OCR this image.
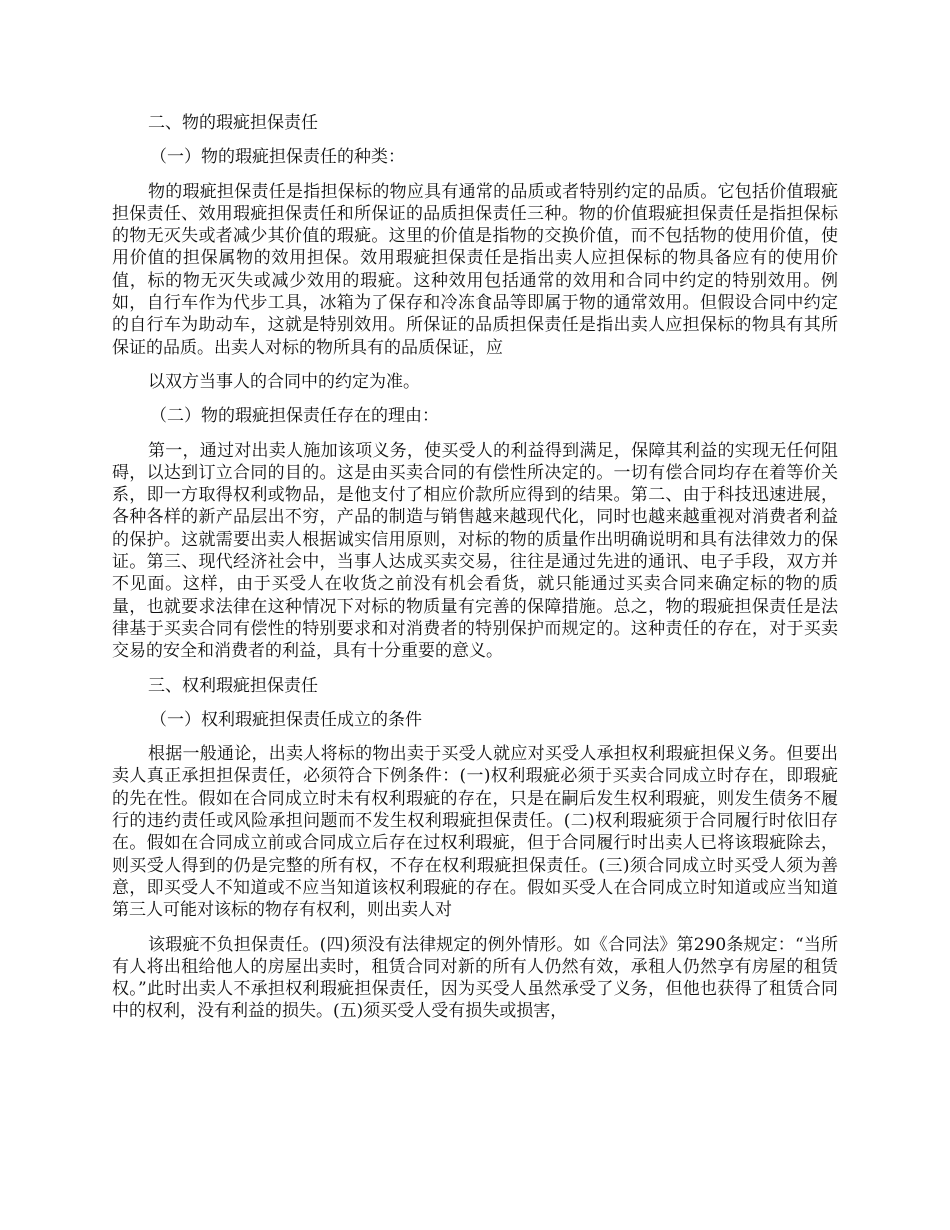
二、物的瑕疵担保责任

（一）物的瑕疵担保责任的种类：

物的瑕疵担保责任是指担保标的物应具有通常的品质或者特别约定的品质。它包括价值瑕疵担保责任、效用瑕疵担保责任和所保证的品质担保责任三种。物的价值瑕疵担保责任是指担保标的物无灭失或者减少其价值的瑕疵。这里的价值是指物的交换价值，而不包括物的使用价值，使用价值的担保属物的效用担保。效用瑕疵担保责任是指出卖人应担保标的物具备应有的使用价值，标的物无灭失或减少效用的瑕疵。这种效用包括通常的效用和合同中约定的特别效用。例如，自行车作为代步工具，冰箱为了保存和冷冻食品等即属于物的通常效用。但假设合同中约定的自行车为助动车，这就是特别效用。所保证的品质担保责任是指出卖人应担保标的物具有其所保证的品质。出卖人对标的物所具有的品质保证，应

以双方当事人的合同中的约定为准。

（二）物的瑕疵担保责任存在的理由：

第一，通过对出卖人施加该项义务，使买受人的利益得到满足，保障其利益的实现无任何阻碍，以达到订立合同的目的。这是由买卖合同的有偿性所决定的。一切有偿合同均存在着等价关系，即一方取得权利或物品，是他支付了相应价款所应得到的结果。第二、由于科技迅速进展，各种各样的新产品层出不穷，产品的制造与销售越来越现代化，同时也越来越重视对消费者利益的保护。这就需要出卖人根据诚实信用原则，对标的物的质量作出明确说明和具有法律效力的保证。第三、现代经济社会中，当事人达成买卖交易，往往是通过先进的通讯、电子手段，双方并不见面。这样，由于买受人在收货之前没有机会看货，就只能通过买卖合同来确定标的物的质量，也就要求法律在这种情况下对标的物质量有完善的保障措施。总之，物的瑕疵担保责任是法律基于买卖合同有偿性的特别要求和对消费者的特别保护而规定的。这种责任的存在，对于买卖交易的安全和消费者的利益，具有十分重要的意义。

三、权利瑕疵担保责任

（一）权利瑕疵担保责任成立的条件

根据一般通论，出卖人将标的物出卖于买受人就应对买受人承担权利瑕疵担保义务。但要出卖人真正承担担保责任，必须符合下例条件：(一)权利瑕疵必须于买卖合同成立时存在，即瑕疵的先在性。假如在合同成立时未有权利瑕疵的存在，只是在嗣后发生权利瑕疵，则发生债务不履行的违约责任或风险承担问题而不发生权利瑕疵担保责任。(二)权利瑕疵须于合同履行时依旧存在。假如在合同成立前或合同成立后存在过权利瑕疵，但于合同履行时出卖人已将该瑕疵除去，则买受人得到的仍是完整的所有权，不存在权利瑕疵担保责任。(三)须合同成立时买受人须为善意，即买受人不知道或不应当知道该权利瑕疵的存在。假如买受人在合同成立时知道或应当知道第三人可能对该标的物存有权利，则出卖人对

该瑕疵不负担保责任。(四)须没有法律规定的例外情形。如《合同法》第290条规定：“当所有人将出租给他人的房屋出卖时，租赁合同对新的所有人仍然有效，承租人仍然享有房屋的租赁权。”此时出卖人不承担权利瑕疵担保责任，因为买受人虽然承受了义务，但他也获得了租赁合同中的权利，没有利益的损失。(五)须买受人受有损失或损害，
